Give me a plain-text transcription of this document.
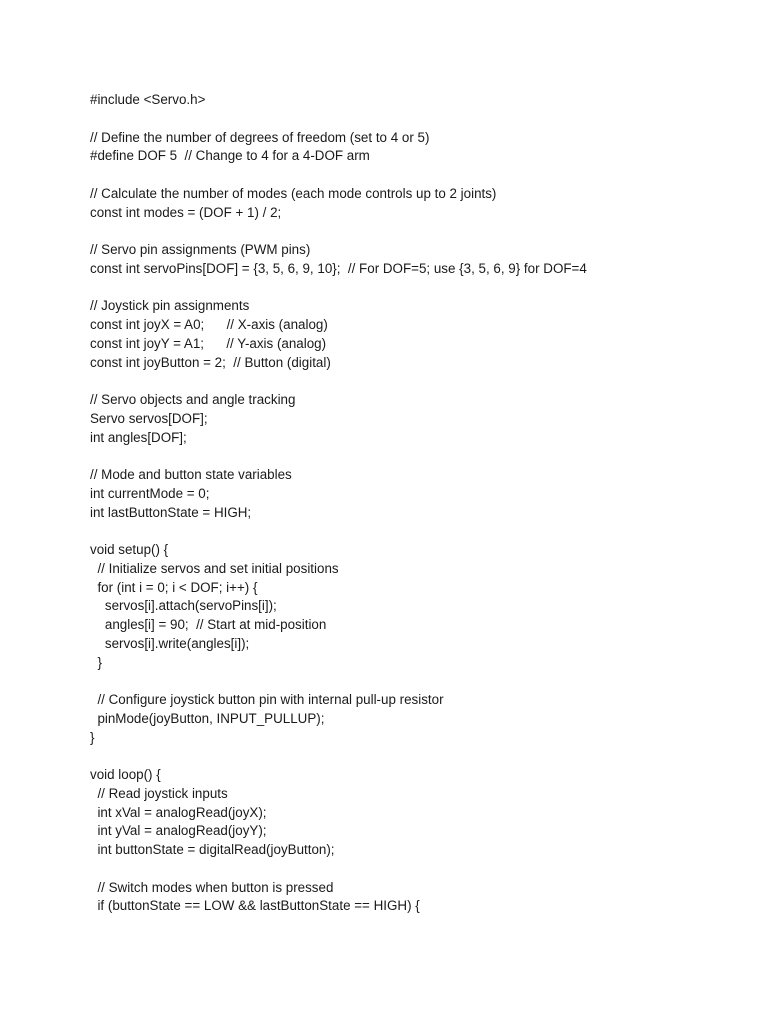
#include <Servo.h>
// Define the number of degrees of freedom (set to 4 or 5)
#define DOF 5  // Change to 4 for a 4-DOF arm
// Calculate the number of modes (each mode controls up to 2 joints)
const int modes = (DOF + 1) / 2;
// Servo pin assignments (PWM pins)
const int servoPins[DOF] = {3, 5, 6, 9, 10};  // For DOF=5; use {3, 5, 6, 9} for DOF=4
// Joystick pin assignments
const int joyX = A0;      // X-axis (analog)
const int joyY = A1;      // Y-axis (analog)
const int joyButton = 2;  // Button (digital)
// Servo objects and angle tracking
Servo servos[DOF];
int angles[DOF];
// Mode and button state variables
int currentMode = 0;
int lastButtonState = HIGH;
void setup() {
// Initialize servos and set initial positions
for (int i = 0; i < DOF; i++) {
servos[i].attach(servoPins[i]);
angles[i] = 90;  // Start at mid-position
servos[i].write(angles[i]);
}
// Configure joystick button pin with internal pull-up resistor
pinMode(joyButton, INPUT_PULLUP);
}
void loop() {
// Read joystick inputs
int xVal = analogRead(joyX);
int yVal = analogRead(joyY);
int buttonState = digitalRead(joyButton);
// Switch modes when button is pressed
if (buttonState == LOW && lastButtonState == HIGH) {
